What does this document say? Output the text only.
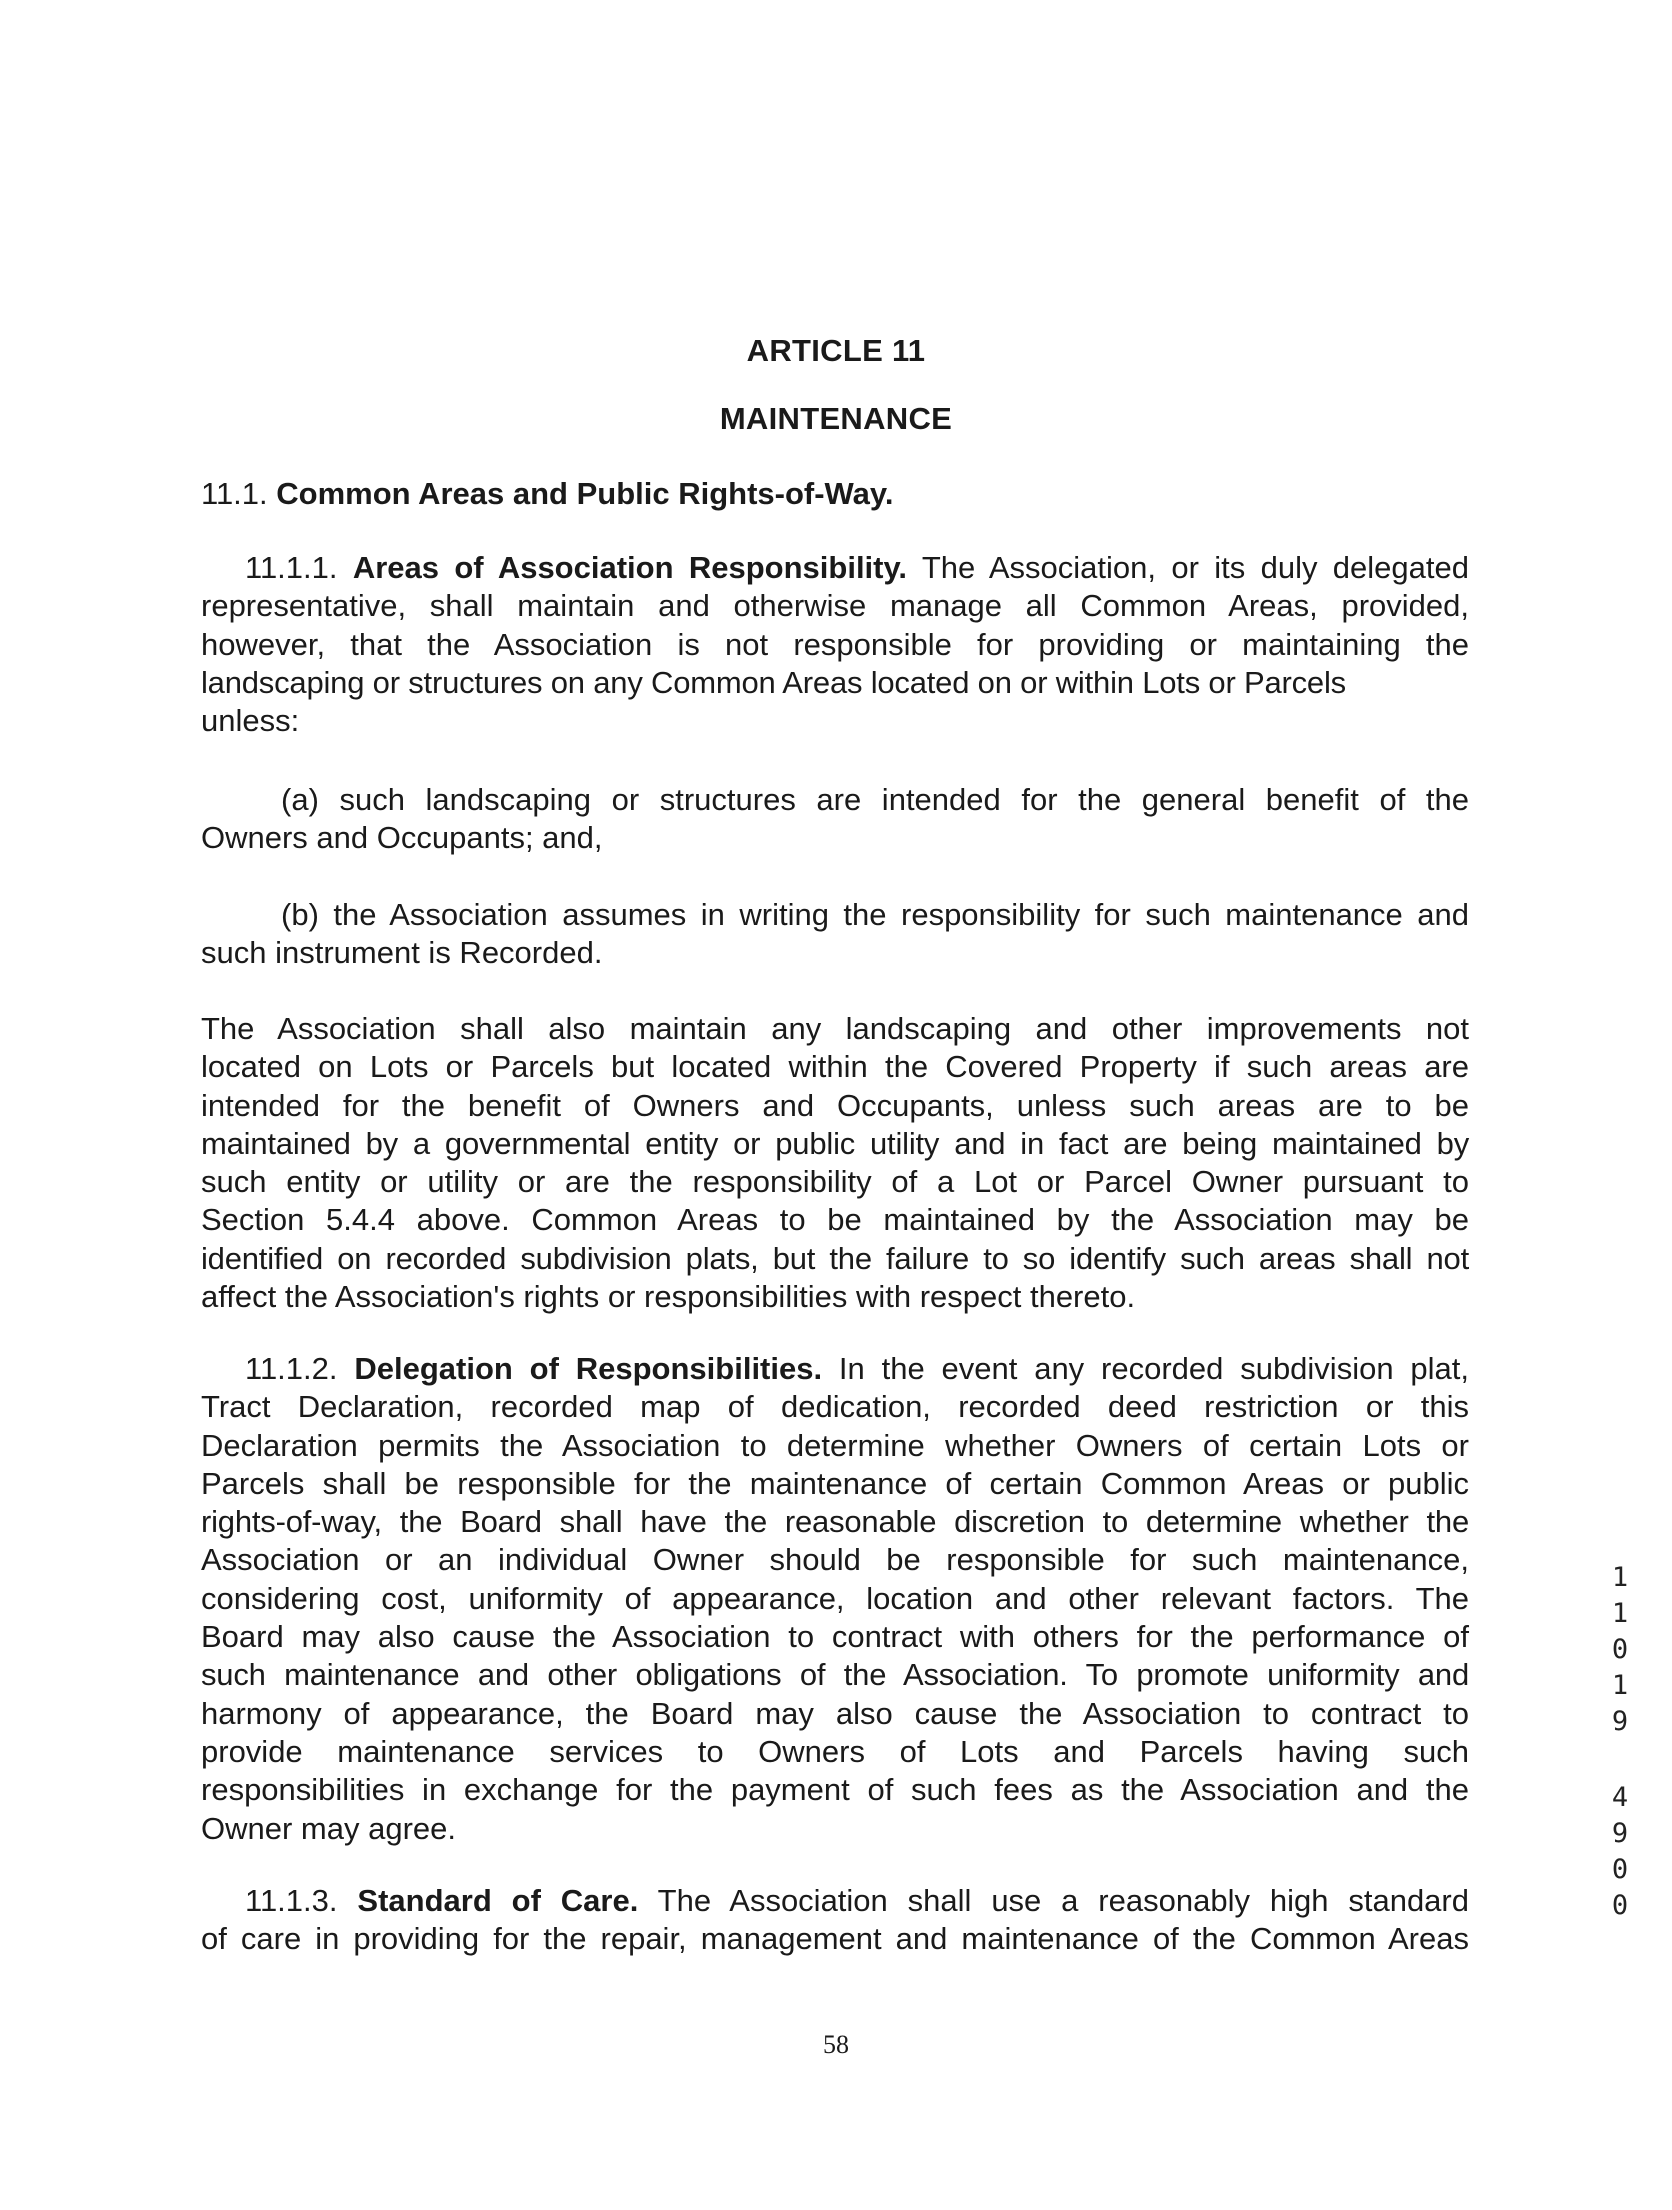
ARTICLE 11
MAINTENANCE
11.1. Common Areas and Public Rights-of-Way.
11.1.1. Areas of Association Responsibility. The Association, or its duly delegated
representative, shall maintain and otherwise manage all Common Areas, provided,
however, that the Association is not responsible for providing or maintaining the
landscaping or structures on any Common Areas located on or within Lots or Parcels
unless:
(a) such landscaping or structures are intended for the general benefit of the
Owners and Occupants; and,
(b) the Association assumes in writing the responsibility for such maintenance and
such instrument is Recorded.
The Association shall also maintain any landscaping and other improvements not
located on Lots or Parcels but located within the Covered Property if such areas are
intended for the benefit of Owners and Occupants, unless such areas are to be
maintained by a governmental entity or public utility and in fact are being maintained by
such entity or utility or are the responsibility of a Lot or Parcel Owner pursuant to
Section 5.4.4 above. Common Areas to be maintained by the Association may be
identified on recorded subdivision plats, but the failure to so identify such areas shall not
affect the Association's rights or responsibilities with respect thereto.
11.1.2. Delegation of Responsibilities. In the event any recorded subdivision plat,
Tract Declaration, recorded map of dedication, recorded deed restriction or this
Declaration permits the Association to determine whether Owners of certain Lots or
Parcels shall be responsible for the maintenance of certain Common Areas or public
rights-of-way, the Board shall have the reasonable discretion to determine whether the
Association or an individual Owner should be responsible for such maintenance,
considering cost, uniformity of appearance, location and other relevant factors. The
Board may also cause the Association to contract with others for the performance of
such maintenance and other obligations of the Association. To promote uniformity and
harmony of appearance, the Board may also cause the Association to contract to
provide maintenance services to Owners of Lots and Parcels having such
responsibilities in exchange for the payment of such fees as the Association and the
Owner may agree.
11.1.3. Standard of Care. The Association shall use a reasonably high standard
of care in providing for the repair, management and maintenance of the Common Areas
58
1
1
0
1
9
4
9
0
0
